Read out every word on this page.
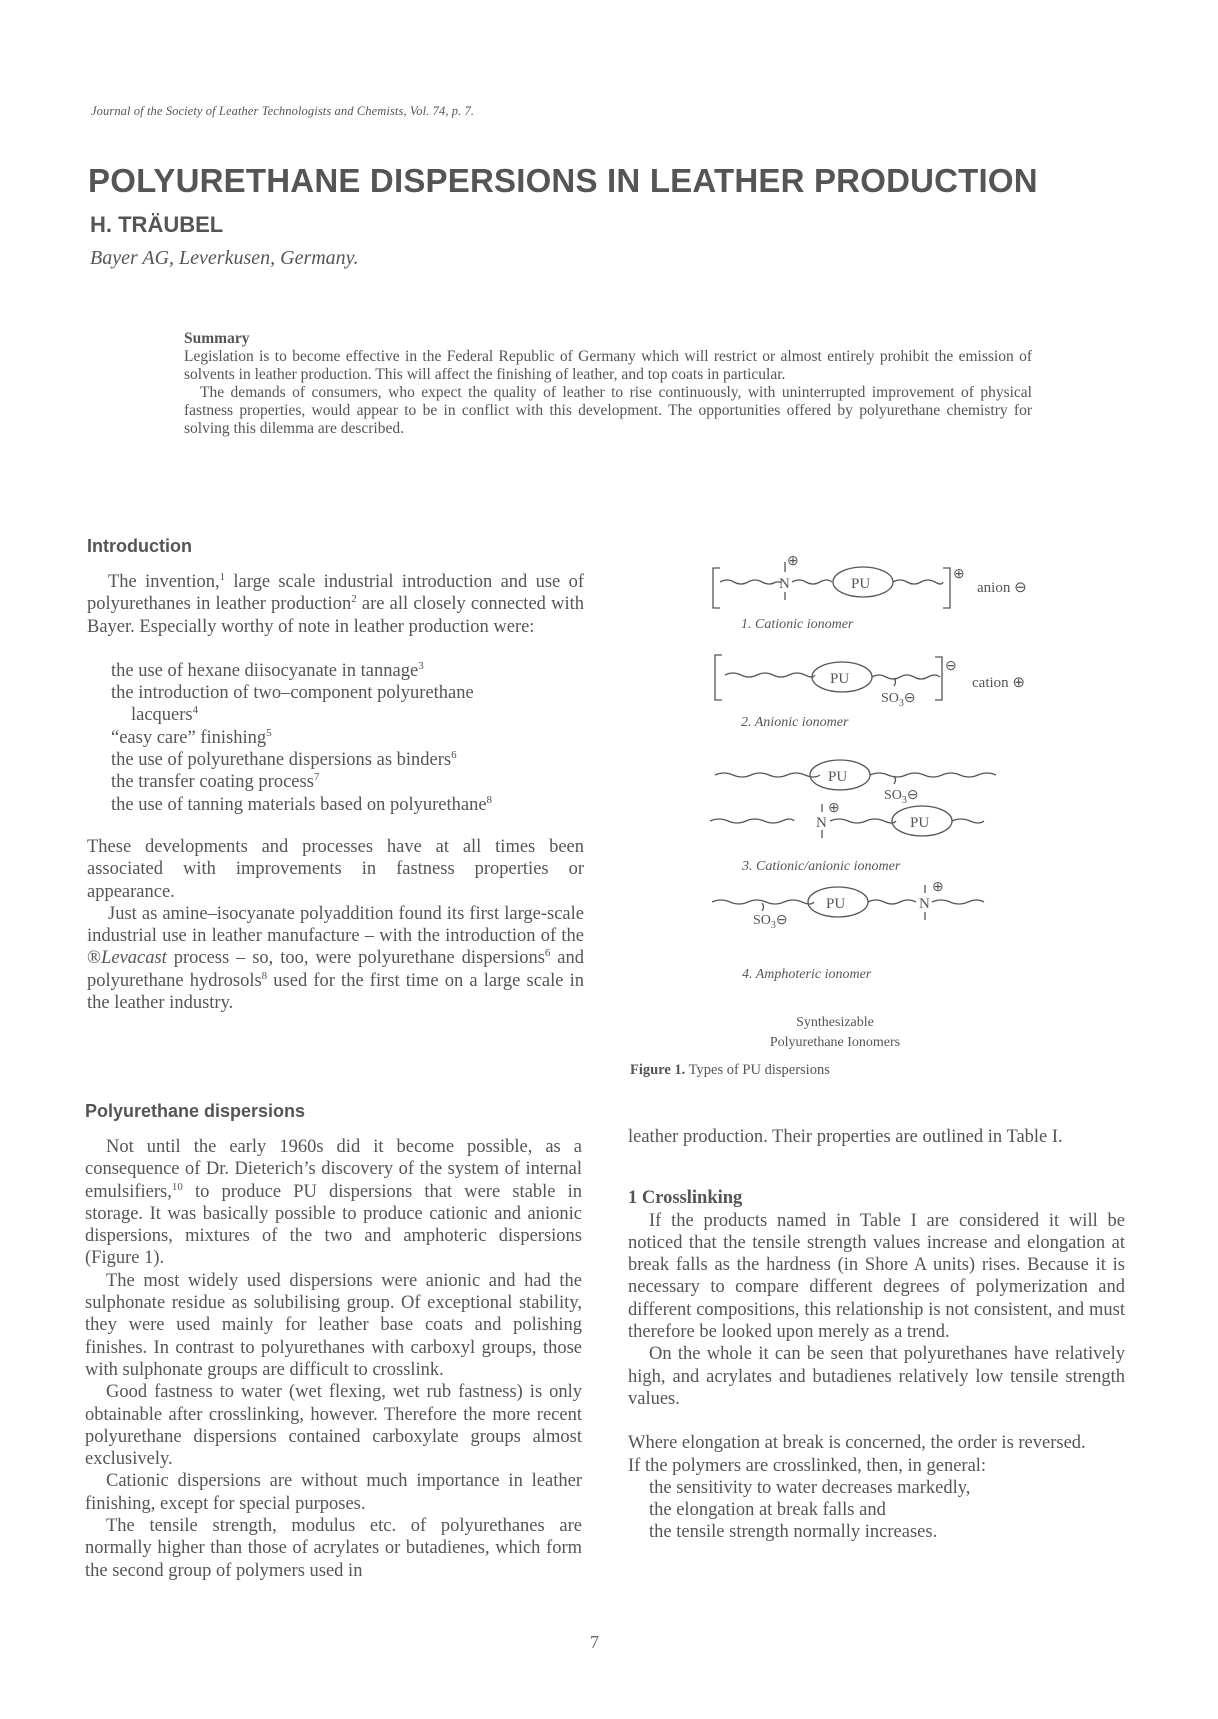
Journal of the Society of Leather Technologists and Chemists, Vol. 74, p. 7.
POLYURETHANE DISPERSIONS IN LEATHER PRODUCTION
H. TRÄUBEL
Bayer AG, Leverkusen, Germany.
Summary

Legislation is to become effective in the Federal Republic of Germany which will restrict or almost entirely prohibit the emission of solvents in leather production. This will affect the finishing of leather, and top coats in particular.

The demands of consumers, who expect the quality of leather to rise continuously, with uninterrupted improvement of physical fastness properties, would appear to be in conflict with this development. The opportunities offered by polyurethane chemistry for solving this dilemma are described.

Introduction

The invention,$^1$ large scale industrial introduction and use of polyurethanes in leather production$^2$ are all closely connected with Bayer. Especially worthy of note in leather production were:

the use of hexane diisocyanate in tannage$^3$
the introduction of two–component polyurethane
lacquers$^4$
“easy care” finishing$^5$
the use of polyurethane dispersions as binders$^6$
the transfer coating process$^7$
the use of tanning materials based on polyurethane$^8$

These developments and processes have at all times been associated with improvements in fastness properties or appearance.

Just as amine–isocyanate polyaddition found its first large-scale industrial use in leather manufacture – with the introduction of the ®Levacast process – so, too, were polyurethane dispersions$^6$ and polyurethane hydrosols$^8$ used for the first time on a large scale in the leather industry.

Polyurethane dispersions

Not until the early 1960s did it become possible, as a consequence of Dr. Dieterich’s discovery of the system of internal emulsifiers,$^{10}$ to produce PU dispersions that were stable in storage. It was basically possible to produce cationic and anionic dispersions, mixtures of the two and amphoteric dispersions (Figure 1).

The most widely used dispersions were anionic and had the sulphonate residue as solubilising group. Of exceptional stability, they were used mainly for leather base coats and polishing finishes. In contrast to polyurethanes with carboxyl groups, those with sulphonate groups are difficult to crosslink.

Good fastness to water (wet flexing, wet rub fastness) is only obtainable after crosslinking, however. Therefore the more recent polyurethane dispersions contained carboxylate groups almost exclusively.

Cationic dispersions are without much importance in leather finishing, except for special purposes.

The tensile strength, modulus etc. of polyurethanes are normally higher than those of acrylates or butadienes, which form the second group of polymers used in

N
⊕
PU
⊕
anion ⊖
1. Cationic ionomer
PU
$SO_3⊖$
⊖
cation ⊕
2. Anionic ionomer
PU
$SO_3⊖$
N
⊕
PU
3. Cationic/anionic ionomer
PU
$SO_3⊖$
N
⊕
4. Amphoteric ionomer
Synthesizable
Polyurethane Ionomers
Figure 1. Types of PU dispersions

leather production. Their properties are outlined in Table I.

1 Crosslinking

If the products named in Table I are considered it will be noticed that the tensile strength values increase and elongation at break falls as the hardness (in Shore A units) rises. Because it is necessary to compare different degrees of polymerization and different compositions, this relationship is not consistent, and must therefore be looked upon merely as a trend.

On the whole it can be seen that polyurethanes have relatively high, and acrylates and butadienes relatively low tensile strength values.

Where elongation at break is concerned, the order is reversed.

If the polymers are crosslinked, then, in general:

the sensitivity to water decreases markedly,
the elongation at break falls and
the tensile strength normally increases.
7
